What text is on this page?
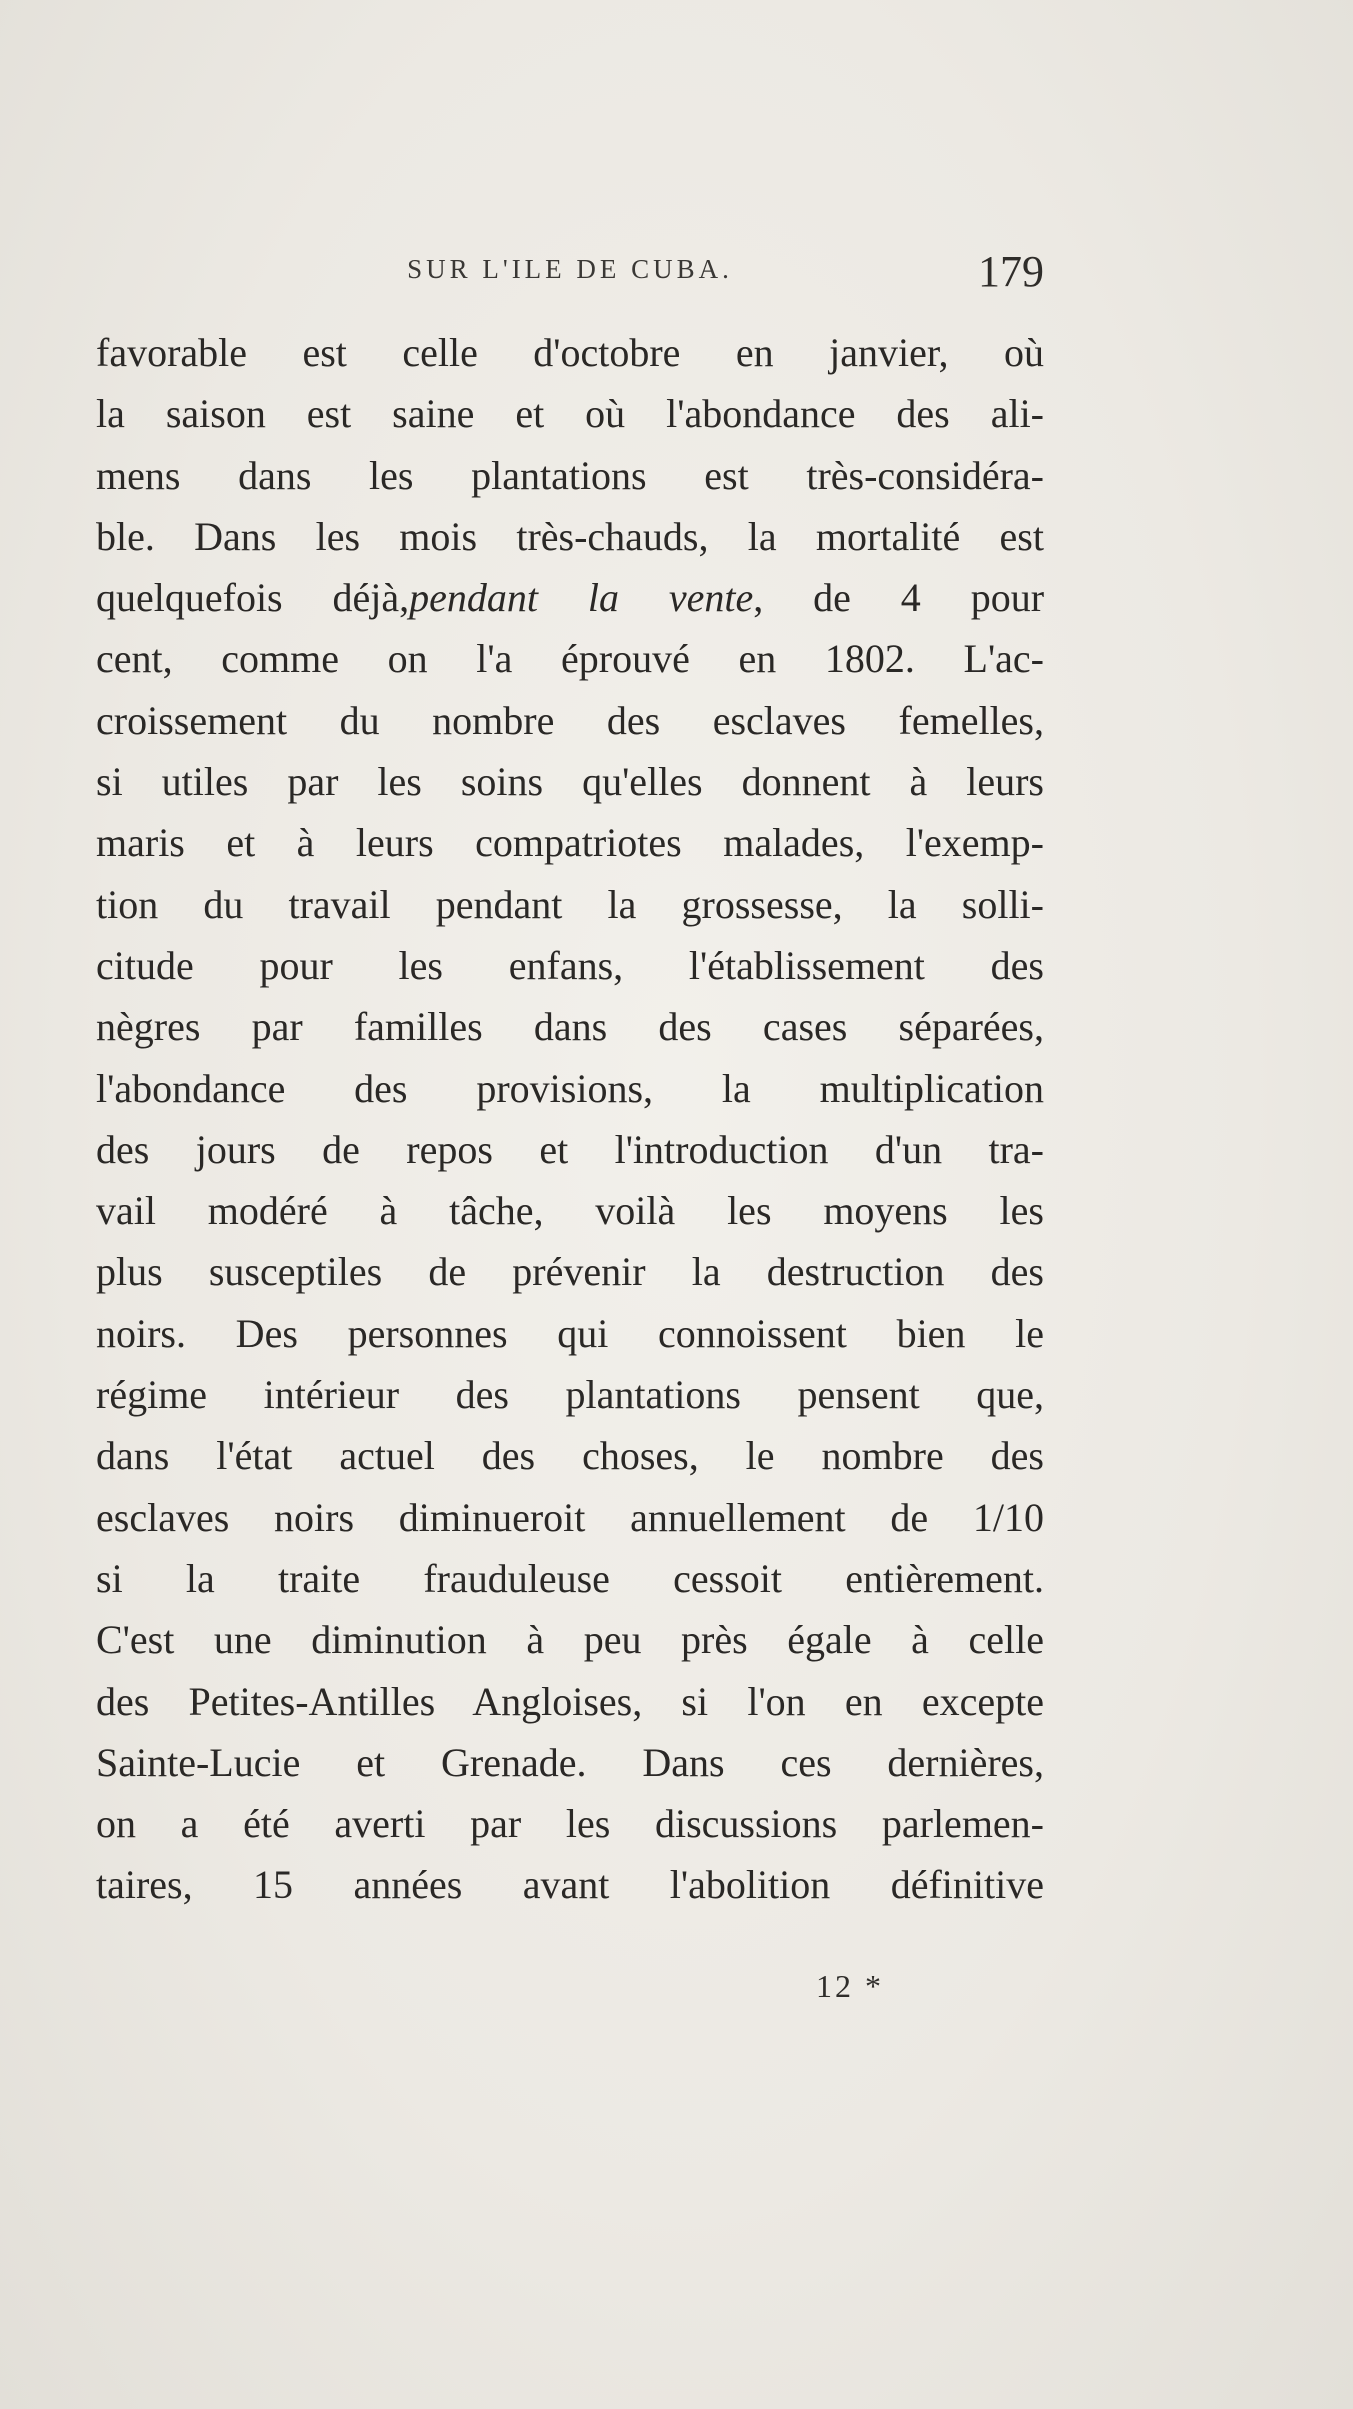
SUR L'ILE DE CUBA.	179
favorable est celle d'octobre en janvier, où
la saison est saine et où l'abondance des ali-
mens dans les plantations est très-considéra-
ble. Dans les mois très-chauds, la mortalité est
quelquefois déjà,pendant la vente, de 4 pour
cent, comme on l'a éprouvé en 1802. L'ac-
croissement du nombre des esclaves femelles,
si utiles par les soins qu'elles donnent à leurs
maris et à leurs compatriotes malades, l'exemp-
tion du travail pendant la grossesse, la solli-
citude pour les enfans, l'établissement des
nègres par familles dans des cases séparées,
l'abondance des provisions, la multiplication
des jours de repos et l'introduction d'un tra-
vail modéré à tâche, voilà les moyens les
plus susceptiles de prévenir la destruction des
noirs. Des personnes qui connoissent bien le
régime intérieur des plantations pensent que,
dans l'état actuel des choses, le nombre des
esclaves noirs diminueroit annuellement de 1/10
si la traite frauduleuse cessoit entièrement.
C'est une diminution à peu près égale à celle
des Petites-Antilles Angloises, si l'on en excepte
Sainte-Lucie et Grenade. Dans ces dernières,
on a été averti par les discussions parlemen-
taires, 15 années avant l'abolition définitive
12 *
